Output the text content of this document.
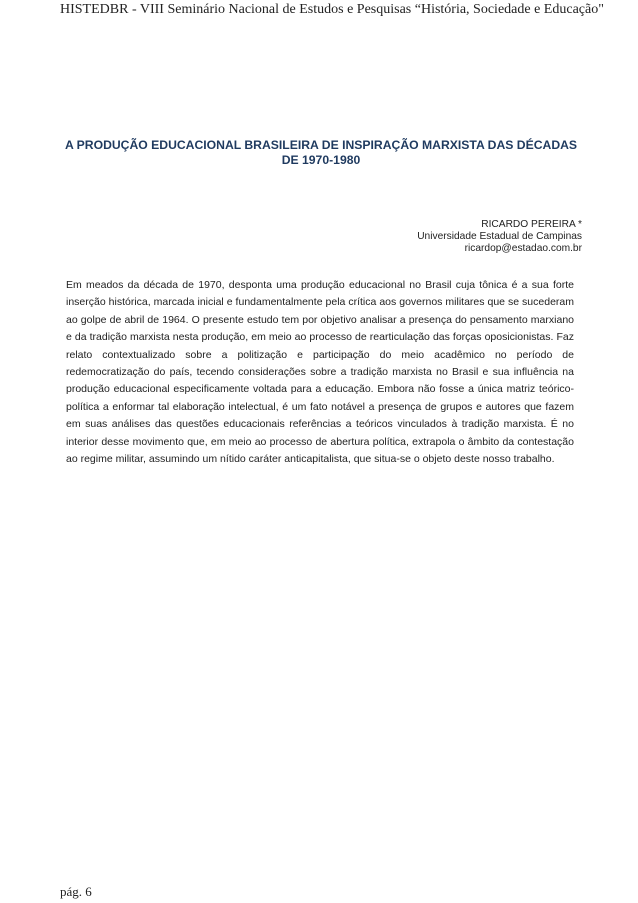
HISTEDBR - VIII Seminário Nacional de Estudos e Pesquisas “História, Sociedade e Educação"
A PRODUÇÃO EDUCACIONAL BRASILEIRA DE INSPIRAÇÃO MARXISTA DAS DÉCADAS
DE 1970-1980
RICARDO PEREIRA *
Universidade Estadual de Campinas
ricardop@estadao.com.br

Em meados da década de 1970, desponta uma produção educacional no Brasil cuja tônica é a sua forte inserção histórica, marcada inicial e fundamentalmente pela crítica aos governos militares que se sucederam ao golpe de abril de 1964. O presente estudo tem por objetivo analisar a presença do pensamento marxiano e da tradição marxista nesta produção, em meio ao processo de rearticulação das forças oposicionistas. Faz relato contextualizado sobre a politização e participação do meio acadêmico no período de redemocratização do país, tecendo considerações sobre a tradição marxista no Brasil e sua influência na produção educacional especificamente voltada para a educação. Embora não fosse a única matriz teórico-política a enformar tal elaboração intelectual, é um fato notável a presença de grupos e autores que fazem em suas análises das questões educacionais referências a teóricos vinculados à tradição marxista. É no interior desse movimento que, em meio ao processo de abertura política, extrapola o âmbito da contestação ao regime militar, assumindo um nítido caráter anticapitalista, que situa-se o objeto deste nosso trabalho.

pág. 6
